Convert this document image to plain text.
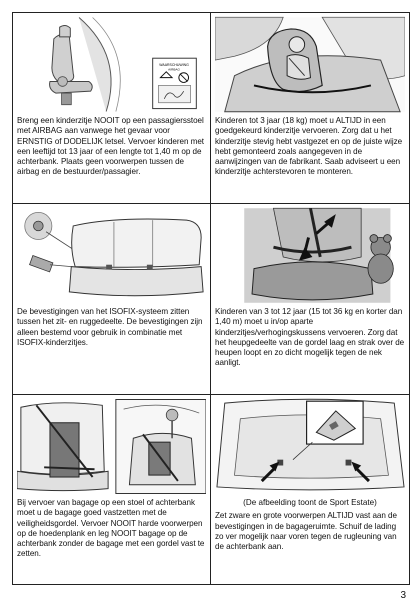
WAARSCHUWING
AIRBAG
Breng een kinderzitje NOOIT op een passagiersstoel met AIRBAG aan vanwege het gevaar voor ERNSTIG of DODELIJK letsel. Vervoer kinderen met een leeftijd tot 13 jaar of een lengte tot 1,40 m op de achterbank. Plaats geen voorwerpen tussen de airbag en de bestuurder/passagier.
Kinderen tot 3 jaar (18 kg) moet u ALTIJD in een goedgekeurd kinderzitje vervoeren. Zorg dat u het kinderzitje stevig hebt vastgezet en op de juiste wijze hebt gemonteerd zoals aangegeven in de aanwijzingen van de fabrikant. Saab adviseert u een kinderzitje achterstevoren te monteren.
De bevestigingen van het ISOFIX-systeem zitten tussen het zit- en ruggedeelte. De bevestigingen zijn alleen bestemd voor gebruik in combinatie met ISOFIX-kinderzitjes.
Kinderen van 3 tot 12 jaar (15 tot 36 kg en korter dan 1,40 m) moet u in/op aparte kinderzitjes/verhogingskussens vervoeren. Zorg dat het heupgedeelte van de gordel laag en strak over de heupen loopt en zo dicht mogelijk tegen de nek aanligt.
Bij vervoer van bagage op een stoel of achterbank moet u de bagage goed vastzetten met de veiligheidsgordel. Vervoer NOOIT harde voorwerpen op de hoedenplank en leg NOOIT bagage op de achterbank zonder de bagage met een gordel vast te zetten.
(De afbeelding toont de Sport Estate)
Zet zware en grote voorwerpen ALTIJD vast aan de bevestigingen in de bagageruimte. Schuif de lading zo ver mogelijk naar voren tegen de rugleuning van de achterbank aan.
3
